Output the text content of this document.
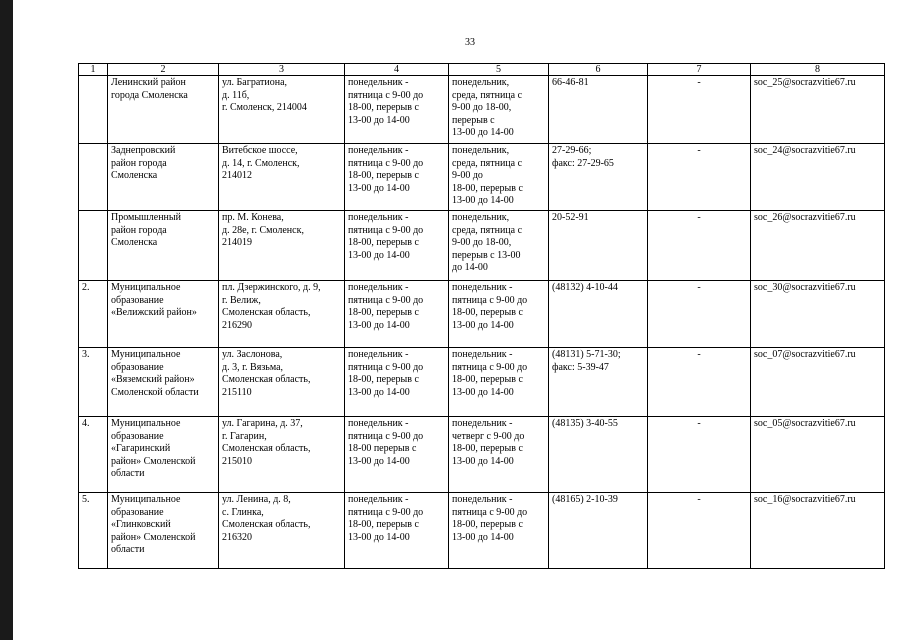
33
1	2	3	4	5	6	7	8
	Ленинский район
города Смоленска	ул. Багратиона,
д. 11б,
г. Смоленск, 214004	понедельник -
пятница с 9-00 до
18-00, перерыв с
13-00 до 14-00	понедельник,
среда, пятница с
9-00 до 18-00,
перерыв с
13-00 до 14-00	66-46-81	-	soc_25@socrazvitie67.ru
	Заднепровский
район города
Смоленска	Витебское шоссе,
д. 14, г. Смоленск,
214012	понедельник -
пятница с 9-00 до
18-00, перерыв с
13-00 до 14-00	понедельник,
среда, пятница с
9-00 до
18-00, перерыв с
13-00 до 14-00	27-29-66;
факс: 27-29-65	-	soc_24@socrazvitie67.ru
	Промышленный
район города
Смоленска	пр. М. Конева,
д. 28е, г. Смоленск,
214019	понедельник -
пятница с 9-00 до
18-00, перерыв с
13-00 до 14-00	понедельник,
среда, пятница с
9-00 до 18-00,
перерыв с 13-00
до 14-00	20-52-91	-	soc_26@socrazvitie67.ru
2.	Муниципальное
образование
«Велижский район»	пл. Дзержинского, д. 9,
г. Велиж,
Смоленская область,
216290	понедельник -
пятница с 9-00 до
18-00, перерыв с
13-00 до 14-00	понедельник -
пятница с 9-00 до
18-00, перерыв с
13-00 до 14-00	(48132) 4-10-44	-	soc_30@socrazvitie67.ru
3.	Муниципальное
образование
«Вяземский район»
Смоленской области	ул. Заслонова,
д. 3, г. Вязьма,
Смоленская область,
215110	понедельник -
пятница с 9-00 до
18-00, перерыв с
13-00 до 14-00	понедельник -
пятница с 9-00 до
18-00, перерыв с
13-00 до 14-00	(48131) 5-71-30;
факс: 5-39-47	-	soc_07@socrazvitie67.ru
4.	Муниципальное
образование
«Гагаринский
район» Смоленской
области	ул. Гагарина, д. 37,
г. Гагарин,
Смоленская область,
215010	понедельник -
пятница с 9-00 до
18-00 перерыв с
13-00 до 14-00	понедельник -
четверг с 9-00 до
18-00, перерыв с
13-00 до 14-00	(48135) 3-40-55	-	soc_05@socrazvitie67.ru
5.	Муниципальное
образование
«Глинковский
район» Смоленской
области	ул. Ленина, д. 8,
с. Глинка,
Смоленская область,
216320	понедельник -
пятница с 9-00 до
18-00, перерыв с
13-00 до 14-00	понедельник -
пятница с 9-00 до
18-00, перерыв с
13-00 до 14-00	(48165) 2-10-39	-	soc_16@socrazvitie67.ru
